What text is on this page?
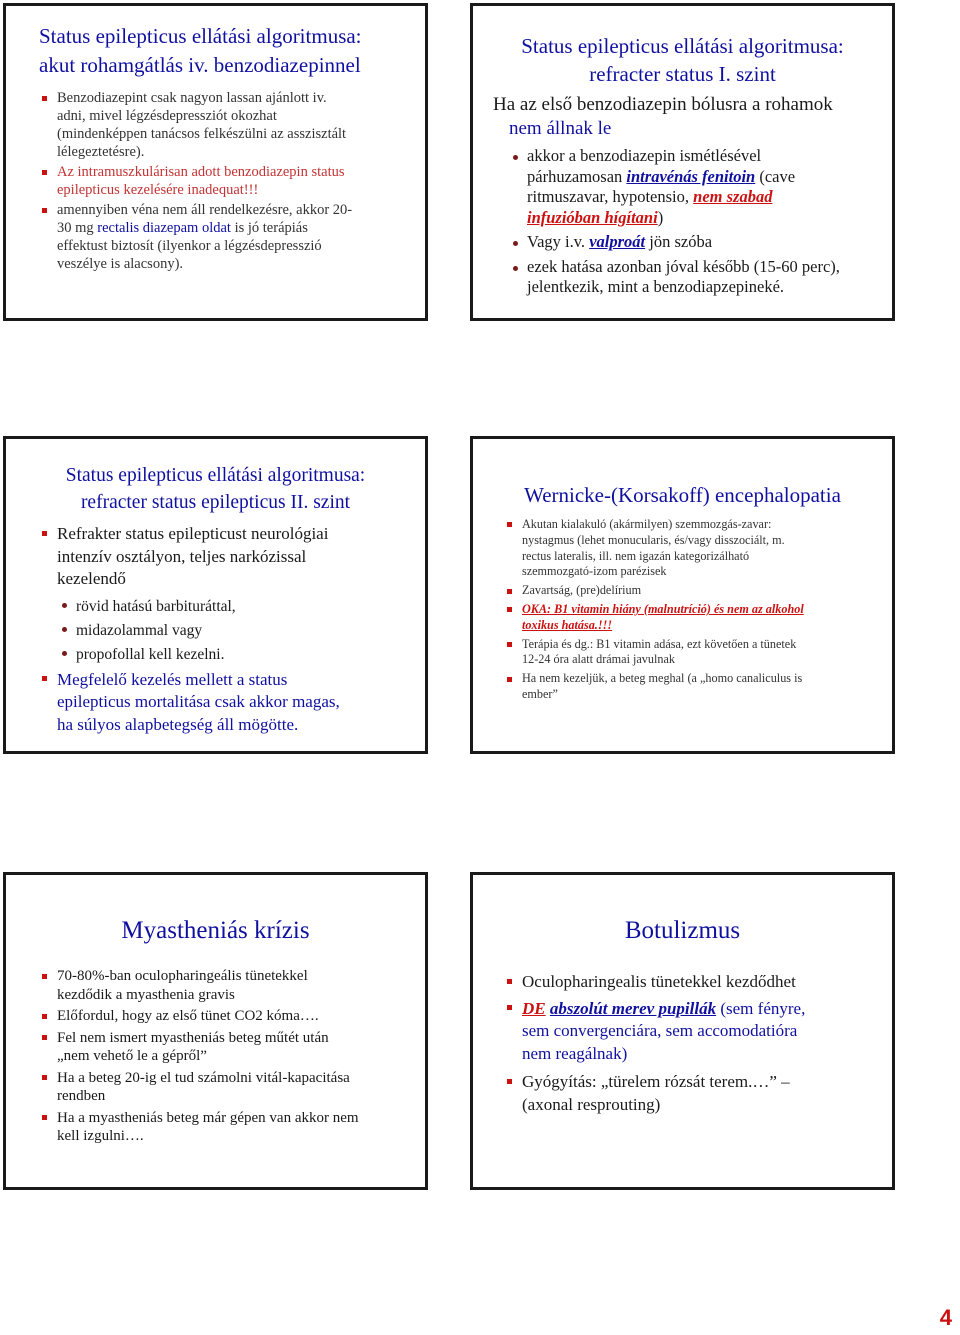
Status epilepticus ellátási algoritmusa:
akut rohamgátlás iv. benzodiazepinnel
Benzodiazepint csak nagyon lassan ajánlott iv.
adni, mivel légzésdepressziót okozhat
(mindenképpen tanácsos felkészülni az asszisztált
lélegeztetésre).
Az intramuszkulárisan adott benzodiazepin status
epilepticus kezelésére inadequat!!!
amennyiben véna nem áll rendelkezésre, akkor 20-
30 mg rectalis diazepam oldat is jó terápiás
effektust biztosít (ilyenkor a légzésdepresszió
veszélye is alacsony).
Status epilepticus ellátási algoritmusa:
refracter status I. szint
Ha az első benzodiazepin bólusra a rohamok
nem állnak le
akkor a benzodiazepin ismétlésével
párhuzamosan intravénás fenitoin (cave
ritmuszavar, hypotensio, nem szabad
infuzióban hígítani)
Vagy i.v. valproát jön szóba
ezek hatása azonban jóval később (15-60 perc),
jelentkezik, mint a benzodiapzepineké.
Status epilepticus ellátási algoritmusa:
refracter status epilepticus II. szint
Refrakter status epilepticust neurológiai
intenzív osztályon, teljes narkózissal
kezelendő
rövid hatású barbituráttal,
midazolammal vagy
propofollal kell kezelni.
Megfelelő kezelés mellett a status
epilepticus mortalitása csak akkor magas,
ha súlyos alapbetegség áll mögötte.
Wernicke-(Korsakoff) encephalopatia
Akutan kialakuló (akármilyen) szemmozgás-zavar:
nystagmus (lehet monucularis, és/vagy disszociált, m.
rectus lateralis, ill. nem igazán kategorizálható
szemmozgató-izom parézisek
Zavartság, (pre)delírium
OKA: B1 vitamin hiány (malnutríció) és nem az alkohol
toxikus hatása.!!!
Terápia és dg.: B1 vitamin adása, ezt követően a tünetek
12-24 óra alatt drámai javulnak
Ha nem kezeljük, a beteg meghal (a „homo canaliculus is
ember”
Myastheniás krízis
70-80%-ban oculopharingeális tünetekkel
kezdődik a myasthenia gravis
Előfordul, hogy az első tünet CO2 kóma….
Fel nem ismert myastheniás beteg műtét után
„nem vehető le a gépről”
Ha a beteg 20-ig el tud számolni vitál-kapacitása
rendben
Ha a myastheniás beteg már gépen van akkor nem
kell izgulni….
Botulizmus
Oculopharingealis tünetekkel kezdődhet
DE abszolút merev pupillák (sem fényre,
sem convergenciára, sem accomodatióra
nem reagálnak)
Gyógyítás: „türelem rózsát terem.…” –
(axonal resprouting)
4
